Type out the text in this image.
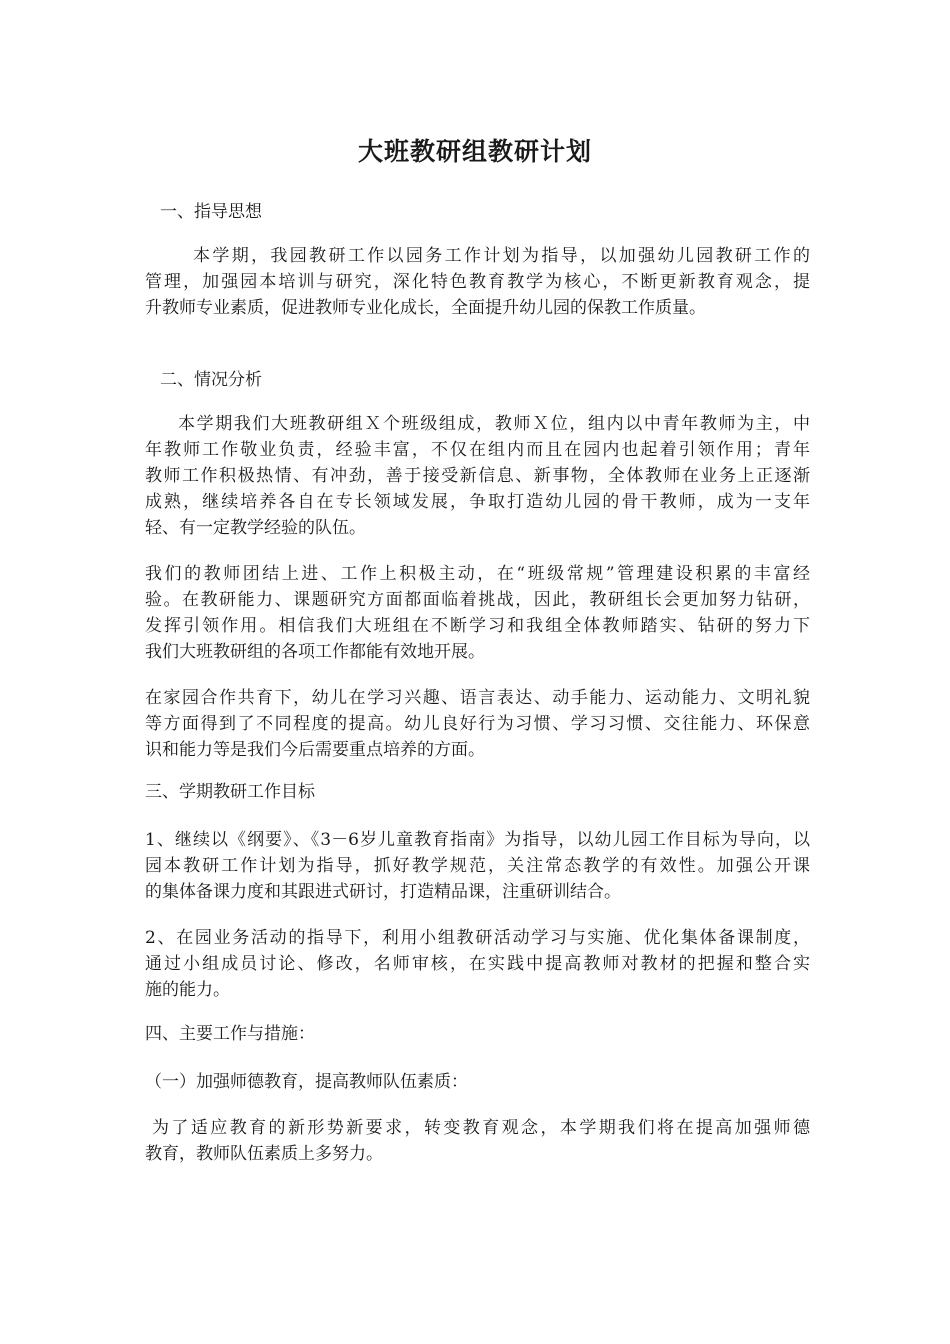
大班教研组教研计划
一、指导思想
本学期，我园教研工作以园务工作计划为指导，以加强幼儿园教研工作的
管理，加强园本培训与研究，深化特色教育教学为核心，不断更新教育观念，提
升教师专业素质，促进教师专业化成长，全面提升幼儿园的保教工作质量。
二、情况分析
本学期我们大班教研组Ｘ个班级组成，教师Ｘ位，组内以中青年教师为主，中
年教师工作敬业负责，经验丰富，不仅在组内而且在园内也起着引领作用；青年
教师工作积极热情、有冲劲，善于接受新信息、新事物，全体教师在业务上正逐渐
成熟，继续培养各自在专长领域发展，争取打造幼儿园的骨干教师，成为一支年
轻、有一定教学经验的队伍。
我们的教师团结上进、工作上积极主动，在“班级常规”管理建设积累的丰富经
验。在教研能力、课题研究方面都面临着挑战，因此，教研组长会更加努力钻研，
发挥引领作用。相信我们大班组在不断学习和我组全体教师踏实、钻研的努力下
我们大班教研组的各项工作都能有效地开展。
在家园合作共育下，幼儿在学习兴趣、语言表达、动手能力、运动能力、文明礼貌
等方面得到了不同程度的提高。幼儿良好行为习惯、学习习惯、交往能力、环保意
识和能力等是我们今后需要重点培养的方面。
三、学期教研工作目标
1、继续以《纲要》、《3－6岁儿童教育指南》为指导，以幼儿园工作目标为导向，以
园本教研工作计划为指导，抓好教学规范，关注常态教学的有效性。加强公开课
的集体备课力度和其跟进式研讨，打造精品课，注重研训结合。
2、在园业务活动的指导下，利用小组教研活动学习与实施、优化集体备课制度，
通过小组成员讨论、修改，名师审核，在实践中提高教师对教材的把握和整合实
施的能力。
四、主要工作与措施：
（一）加强师德教育，提高教师队伍素质：
为了适应教育的新形势新要求，转变教育观念，本学期我们将在提高加强师德
教育，教师队伍素质上多努力。
